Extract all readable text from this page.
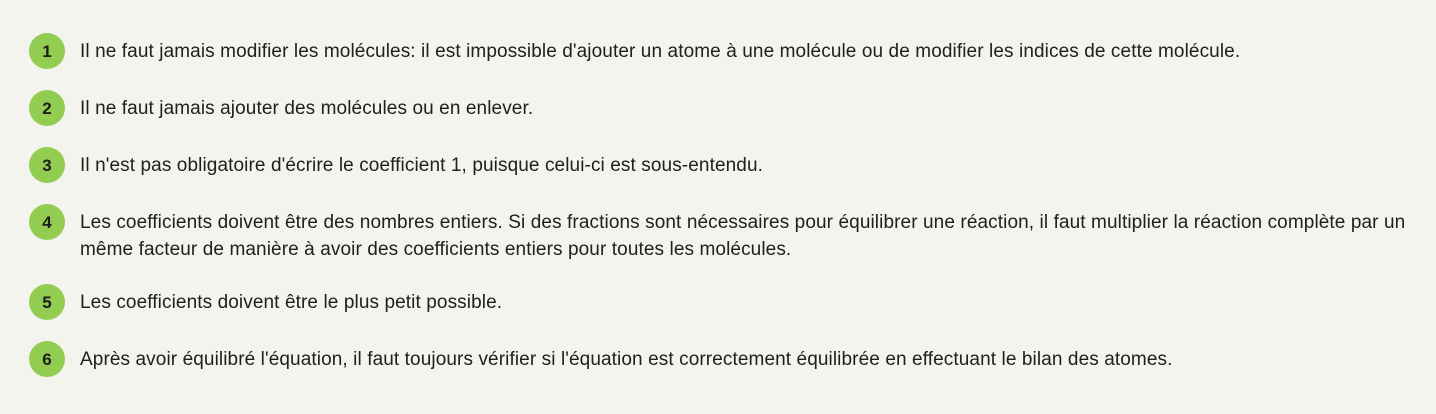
1	Il ne faut jamais modifier les molécules: il est impossible d'ajouter un atome à une molécule ou de modifier les indices de cette molécule.
2	Il ne faut jamais ajouter des molécules ou en enlever.
3	Il n'est pas obligatoire d'écrire le coefficient 1, puisque celui-ci est sous-entendu.
4	Les coefficients doivent être des nombres entiers. Si des fractions sont nécessaires pour équilibrer une réaction, il faut multiplier la réaction complète par un même facteur de manière à avoir des coefficients entiers pour toutes les molécules.
5	Les coefficients doivent être le plus petit possible.
6	Après avoir équilibré l'équation, il faut toujours vérifier si l'équation est correctement équilibrée en effectuant le bilan des atomes.
